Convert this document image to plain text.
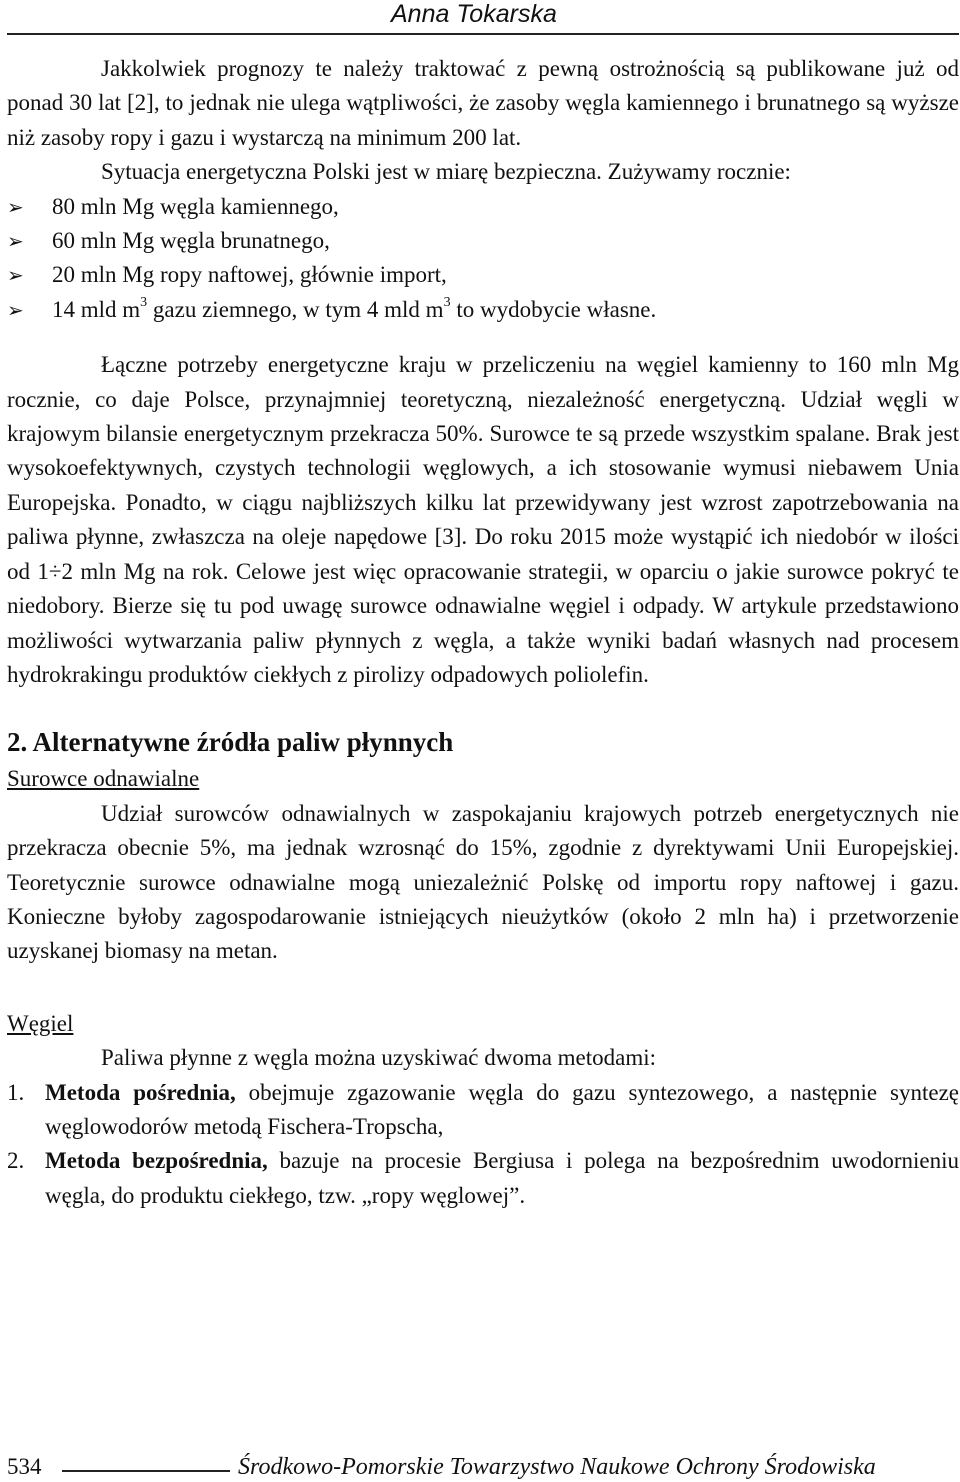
Anna Tokarska

Jakkolwiek prognozy te należy traktować z pewną ostrożnością są publikowane już od ponad 30 lat [2], to jednak nie ulega wątpliwości, że zasoby węgla kamiennego i brunatnego są wyższe niż zasoby ropy i gazu i wystarczą na minimum 200 lat.

Sytuacja energetyczna Polski jest w miarę bezpieczna. Zużywamy rocznie:

➢ 80 mln Mg węgla kamiennego,
➢ 60 mln Mg węgla brunatnego,
➢ 20 mln Mg ropy naftowej, głównie import,
➢ 14 mld $m^3$ gazu ziemnego, w tym 4 mld $m^3$ to wydobycie własne.

Łączne potrzeby energetyczne kraju w przeliczeniu na węgiel kamienny to 160 mln Mg rocznie, co daje Polsce, przynajmniej teoretyczną, niezależność energetyczną. Udział węgli w krajowym bilansie energetycznym przekracza 50%. Surowce te są przede wszystkim spalane. Brak jest wysokoefektywnych, czystych technologii węglowych, a ich stosowanie wymusi niebawem Unia Europejska. Ponadto, w ciągu najbliższych kilku lat przewidywany jest wzrost zapotrzebowania na paliwa płynne, zwłaszcza na oleje napędowe [3]. Do roku 2015 może wystąpić ich niedobór w ilości od 1÷2 mln Mg na rok. Celowe jest więc opracowanie strategii, w oparciu o jakie surowce pokryć te niedobory. Bierze się tu pod uwagę surowce odnawialne węgiel i odpady. W artykule przedstawiono możliwości wytwarzania paliw płynnych z węgla, a także wyniki badań własnych nad procesem hydrokrakingu produktów ciekłych z pirolizy odpadowych poliolefin.

2. Alternatywne źródła paliw płynnych
Surowce odnawialne

Udział surowców odnawialnych w zaspokajaniu krajowych potrzeb energetycznych nie przekracza obecnie 5%, ma jednak wzrosnąć do 15%, zgodnie z dyrektywami Unii Europejskiej. Teoretycznie surowce odnawialne mogą uniezależnić Polskę od importu ropy naftowej i gazu. Konieczne byłoby zagospodarowanie istniejących nieużytków (około 2 mln ha) i przetworzenie uzyskanej biomasy na metan.

Węgiel

Paliwa płynne z węgla można uzyskiwać dwoma metodami:

1. Metoda pośrednia, obejmuje zgazowanie węgla do gazu syntezowego, a następnie syntezę węglowodorów metodą Fischera-Tropscha,
2. Metoda bezpośrednia, bazuje na procesie Bergiusa i polega na bezpośrednim uwodornieniu węgla, do produktu ciekłego, tzw. „ropy węglowej”.
534	Środkowo-Pomorskie Towarzystwo Naukowe Ochrony Środowiska
